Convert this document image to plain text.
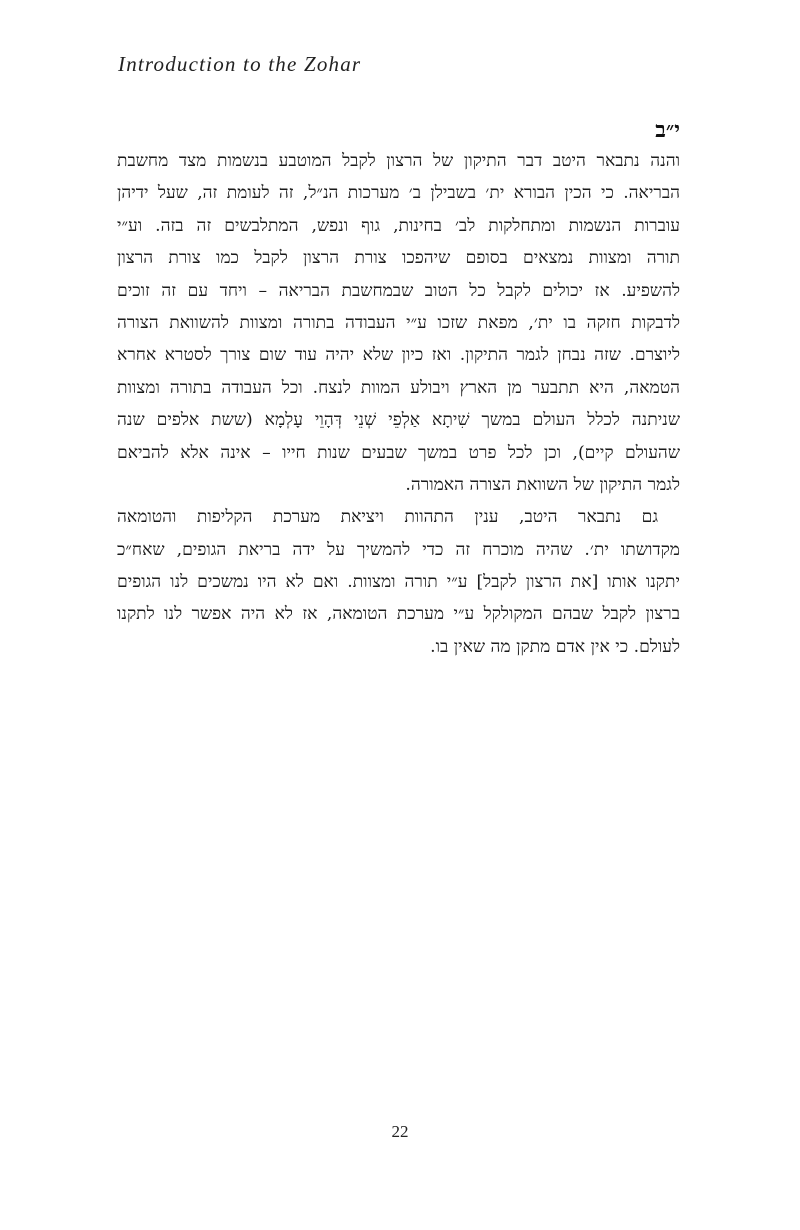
Introduction to the Zohar
י״ב
והנה נתבאר היטב דבר התיקון של הרצון לקבל המוטבע בנשמות מצד מחשבת
הבריאה. כי הכין הבורא ית׳ בשבילן ב׳ מערכות הנ״ל, זה לעומת זה, שעל ידיהן
עוברות הנשמות ומתחלקות לב׳ בחינות, גוף ונפש, המתלבשים זה בזה. וע״י
תורה ומצוות נמצאים בסופם שיהפכו צורת הרצון לקבל כמו צורת הרצון
להשפיע. אז יכולים לקבל כל הטוב שבמחשבת הבריאה – ויחד עם זה זוכים
לדבקות חזקה בו ית׳, מפאת שזכו ע״י העבודה בתורה ומצוות להשוואת הצורה
ליוצרם. שזה נבחן לגמר התיקון. ואז כיון שלא יהיה עוד שום צורך לסטרא אחרא
הטמאה, היא תתבער מן הארץ ויבולע המוות לנצח. וכל העבודה בתורה ומצוות
שניתנה לכלל העולם במשך שִׁיתָא אַלְפֵי שְׁנֵי דְּהָוֵי עָלְמָא (ששת אלפים שנה
שהעולם קיים), וכן לכל פרט במשך שבעים שנות חייו – אינה אלא להביאם
לגמר התיקון של השוואת הצורה האמורה.
גם נתבאר היטב, ענין התהוות ויציאת מערכת הקליפות והטומאה
מקדושתו ית׳. שהיה מוכרח זה כדי להמשיך על ידה בריאת הגופים, שאח״כ
יתקנו אותו [את הרצון לקבל] ע״י תורה ומצוות. ואם לא היו נמשכים לנו הגופים
ברצון לקבל שבהם המקולקל ע״י מערכת הטומאה, אז לא היה אפשר לנו לתקנו
לעולם. כי אין אדם מתקן מה שאין בו.
22
